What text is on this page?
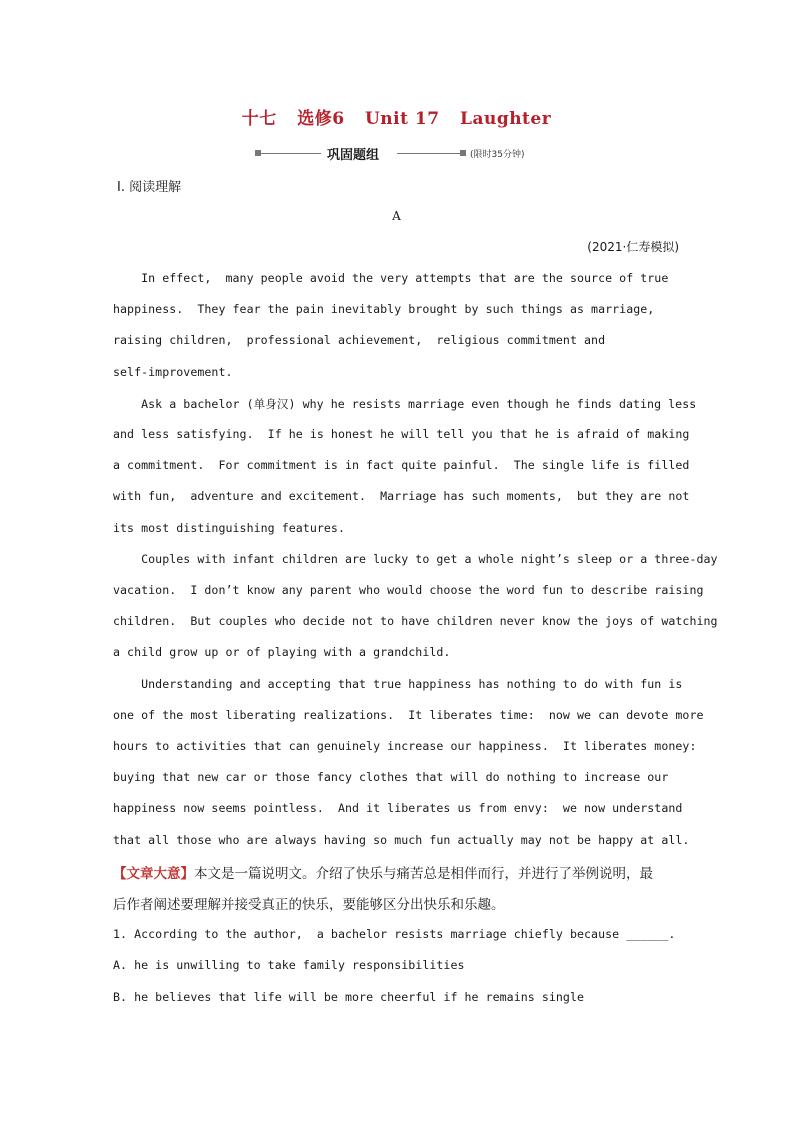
十七 选修6 Unit 17 Laughter
巩固题组	(限时35分钟)
Ⅰ. 阅读理解
A
(2021·仁寿模拟)
In effect,  many people avoid the very attempts that are the source of true
happiness.  They fear the pain inevitably brought by such things as marriage,
raising children,  professional achievement,  religious commitment and
self-improvement.
Ask a bachelor (单身汉) why he resists marriage even though he finds dating less
and less satisfying.  If he is honest he will tell you that he is afraid of making
a commitment.  For commitment is in fact quite painful.  The single life is filled
with fun,  adventure and excitement.  Marriage has such moments,  but they are not
its most distinguishing features.
Couples with infant children are lucky to get a whole night’s sleep or a three-day
vacation.  I don’t know any parent who would choose the word fun to describe raising
children.  But couples who decide not to have children never know the joys of watching
a child grow up or of playing with a grandchild.
Understanding and accepting that true happiness has nothing to do with fun is
one of the most liberating realizations.  It liberates time:  now we can devote more
hours to activities that can genuinely increase our happiness.  It liberates money:
buying that new car or those fancy clothes that will do nothing to increase our
happiness now seems pointless.  And it liberates us from envy:  we now understand
that all those who are always having so much fun actually may not be happy at all.
【文章大意】本文是一篇说明文。介绍了快乐与痛苦总是相伴而行，并进行了举例说明，最
后作者阐述要理解并接受真正的快乐，要能够区分出快乐和乐趣。
1. According to the author,  a bachelor resists marriage chiefly because ______.
A. he is unwilling to take family responsibilities
B. he believes that life will be more cheerful if he remains single
